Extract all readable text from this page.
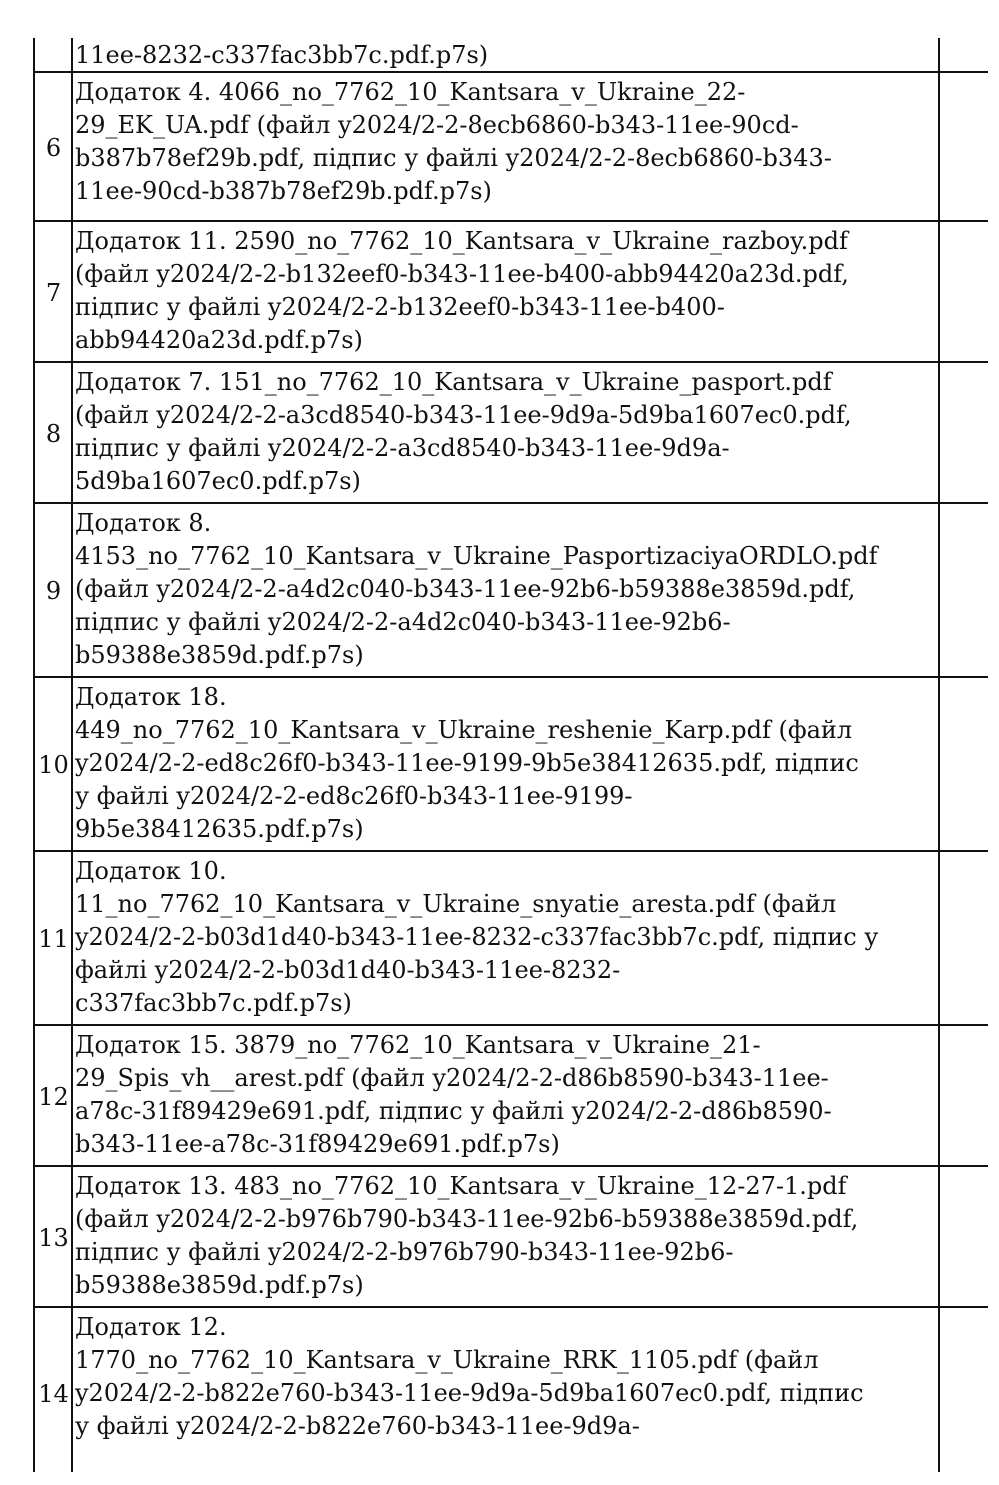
11ee-8232-c337fac3bb7c.pdf.p7s)
6
Додаток 4. 4066_no_7762_10_Kantsara_v_Ukraine_22-
29_EK_UA.pdf (файл y2024/2-2-8ecb6860-b343-11ee-90cd-
b387b78ef29b.pdf, підпис у файлі y2024/2-2-8ecb6860-b343-
11ee-90cd-b387b78ef29b.pdf.p7s)
7
Додаток 11. 2590_no_7762_10_Kantsara_v_Ukraine_razboy.pdf
(файл y2024/2-2-b132eef0-b343-11ee-b400-abb94420a23d.pdf,
підпис у файлі y2024/2-2-b132eef0-b343-11ee-b400-
abb94420a23d.pdf.p7s)
8
Додаток 7. 151_no_7762_10_Kantsara_v_Ukraine_pasport.pdf
(файл y2024/2-2-a3cd8540-b343-11ee-9d9a-5d9ba1607ec0.pdf,
підпис у файлі y2024/2-2-a3cd8540-b343-11ee-9d9a-
5d9ba1607ec0.pdf.p7s)
9
Додаток 8.
4153_no_7762_10_Kantsara_v_Ukraine_PasportizaciyaORDLO.pdf
(файл y2024/2-2-a4d2c040-b343-11ee-92b6-b59388e3859d.pdf,
підпис у файлі y2024/2-2-a4d2c040-b343-11ee-92b6-
b59388e3859d.pdf.p7s)
10
Додаток 18.
449_no_7762_10_Kantsara_v_Ukraine_reshenie_Karp.pdf (файл
y2024/2-2-ed8c26f0-b343-11ee-9199-9b5e38412635.pdf, підпис
у файлі y2024/2-2-ed8c26f0-b343-11ee-9199-
9b5e38412635.pdf.p7s)
11
Додаток 10.
11_no_7762_10_Kantsara_v_Ukraine_snyatie_aresta.pdf (файл
y2024/2-2-b03d1d40-b343-11ee-8232-c337fac3bb7c.pdf, підпис у
файлі y2024/2-2-b03d1d40-b343-11ee-8232-
c337fac3bb7c.pdf.p7s)
12
Додаток 15. 3879_no_7762_10_Kantsara_v_Ukraine_21-
29_Spis_vh__arest.pdf (файл y2024/2-2-d86b8590-b343-11ee-
a78c-31f89429e691.pdf, підпис у файлі y2024/2-2-d86b8590-
b343-11ee-a78c-31f89429e691.pdf.p7s)
13
Додаток 13. 483_no_7762_10_Kantsara_v_Ukraine_12-27-1.pdf
(файл y2024/2-2-b976b790-b343-11ee-92b6-b59388e3859d.pdf,
підпис у файлі y2024/2-2-b976b790-b343-11ee-92b6-
b59388e3859d.pdf.p7s)
14
Додаток 12.
1770_no_7762_10_Kantsara_v_Ukraine_RRK_1105.pdf (файл
y2024/2-2-b822e760-b343-11ee-9d9a-5d9ba1607ec0.pdf, підпис
у файлі y2024/2-2-b822e760-b343-11ee-9d9a-
